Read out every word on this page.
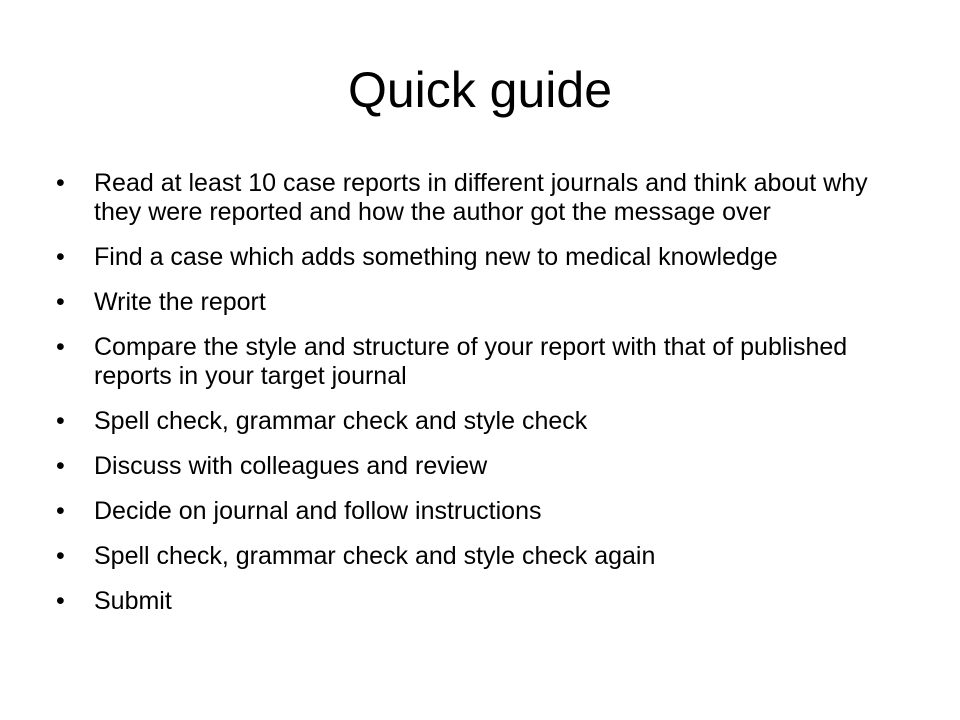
Quick guide
•	Read at least 10 case reports in different journals and think about why they were reported and how the author got the message over
•	Find a case which adds something new to medical knowledge
•	Write the report
•	Compare the style and structure of your report with that of published reports in your target journal
•	Spell check, grammar check and style check
•	Discuss with colleagues and review
•	Decide on journal and follow instructions
•	Spell check, grammar check and style check again
•	Submit
